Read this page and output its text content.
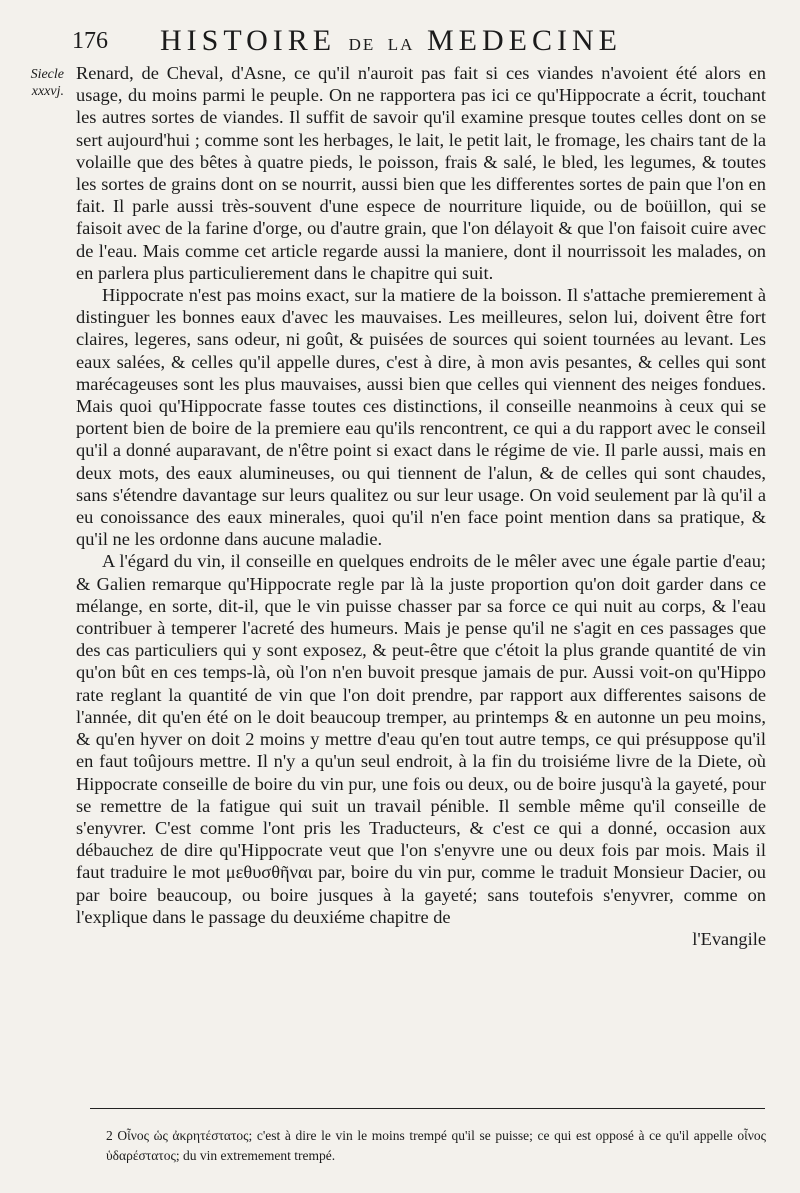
176 HISTOIRE DE LA MEDECINE
Siecle xxxvj.

Renard, de Cheval, d'Asne, ce qu'il n'auroit pas fait si ces viandes n'avoient été alors en usage, du moins parmi le peuple. On ne rapportera pas ici ce qu'Hippocrate a écrit, touchant les autres sortes de viandes. Il suffit de savoir qu'il examine presque toutes celles dont on se sert aujourd'hui ; comme sont les herbages, le lait, le petit lait, le fromage, les chairs tant de la volaille que des bêtes à quatre pieds, le poisson, frais & salé, le bled, les legumes, & toutes les sortes de grains dont on se nourrit, aussi bien que les differentes sortes de pain que l'on en fait. Il parle aussi très-souvent d'une espece de nourriture liquide, ou de boüillon, qui se faisoit avec de la farine d'orge, ou d'autre grain, que l'on délayoit & que l'on faisoit cuire avec de l'eau. Mais comme cet article regarde aussi la maniere, dont il nourrissoit les malades, on en parlera plus particulierement dans le chapitre qui suit.

Hippocrate n'est pas moins exact, sur la matiere de la boisson. Il s'attache premierement à distinguer les bonnes eaux d'avec les mauvaises. Les meilleures, selon lui, doivent être fort claires, legeres, sans odeur, ni goût, & puisées de sources qui soient tournées au levant. Les eaux salées, & celles qu'il appelle dures, c'est à dire, à mon avis pesantes, & celles qui sont marécageuses sont les plus mauvaises, aussi bien que celles qui viennent des neiges fondues. Mais quoi qu'Hippocrate fasse toutes ces distinctions, il conseille neanmoins à ceux qui se portent bien de boire de la premiere eau qu'ils rencontrent, ce qui a du rapport avec le conseil qu'il a donné auparavant, de n'être point si exact dans le régime de vie. Il parle aussi, mais en deux mots, des eaux alumineuses, ou qui tiennent de l'alun, & de celles qui sont chaudes, sans s'étendre davantage sur leurs qualitez ou sur leur usage. On void seulement par là qu'il a eu conoissance des eaux minerales, quoi qu'il n'en face point mention dans sa pratique, & qu'il ne les ordonne dans aucune maladie.

A l'égard du vin, il conseille en quelques endroits de le mêler avec une égale partie d'eau; & Galien remarque qu'Hippocrate regle par là la juste proportion qu'on doit garder dans ce mélange, en sorte, dit-il, que le vin puisse chasser par sa force ce qui nuit au corps, & l'eau contribuer à temperer l'acreté des humeurs. Mais je pense qu'il ne s'agit en ces passages que des cas particuliers qui y sont exposez, & peut-être que c'étoit la plus grande quantité de vin qu'on bût en ces temps-là, où l'on n'en buvoit presque jamais de pur. Aussi voit-on qu'Hippo rate reglant la quantité de vin que l'on doit prendre, par rapport aux differentes saisons de l'année, dit qu'en été on le doit beaucoup tremper, au printemps & en autonne un peu moins, & qu'en hyver on doit 2 moins y mettre d'eau qu'en tout autre temps, ce qui présuppose qu'il en faut toûjours mettre. Il n'y a qu'un seul endroit, à la fin du troisiéme livre de la Diete, où Hippocrate conseille de boire du vin pur, une fois ou deux, ou de boire jusqu'à la gayeté, pour se remettre de la fatigue qui suit un travail pénible. Il semble même qu'il conseille de s'enyvrer. C'est comme l'ont pris les Traducteurs, & c'est ce qui a donné, occasion aux débauchez de dire qu'Hippocrate veut que l'on s'enyvre une ou deux fois par mois. Mais il faut traduire le mot μεθυσθῆναι par, boire du vin pur, comme le traduit Monsieur Dacier, ou par boire beaucoup, ou boire jusques à la gayeté; sans toutefois s'enyvrer, comme on l'explique dans le passage du deuxiéme chapitre de

l'Evangile

2 Οἶνος ὡς ἀκρητέστατος; c'est à dire le vin le moins trempé qu'il se puisse; ce qui est opposé à ce qu'il appelle οἶνος ὑδαρέστατος; du vin extremement trempé.
